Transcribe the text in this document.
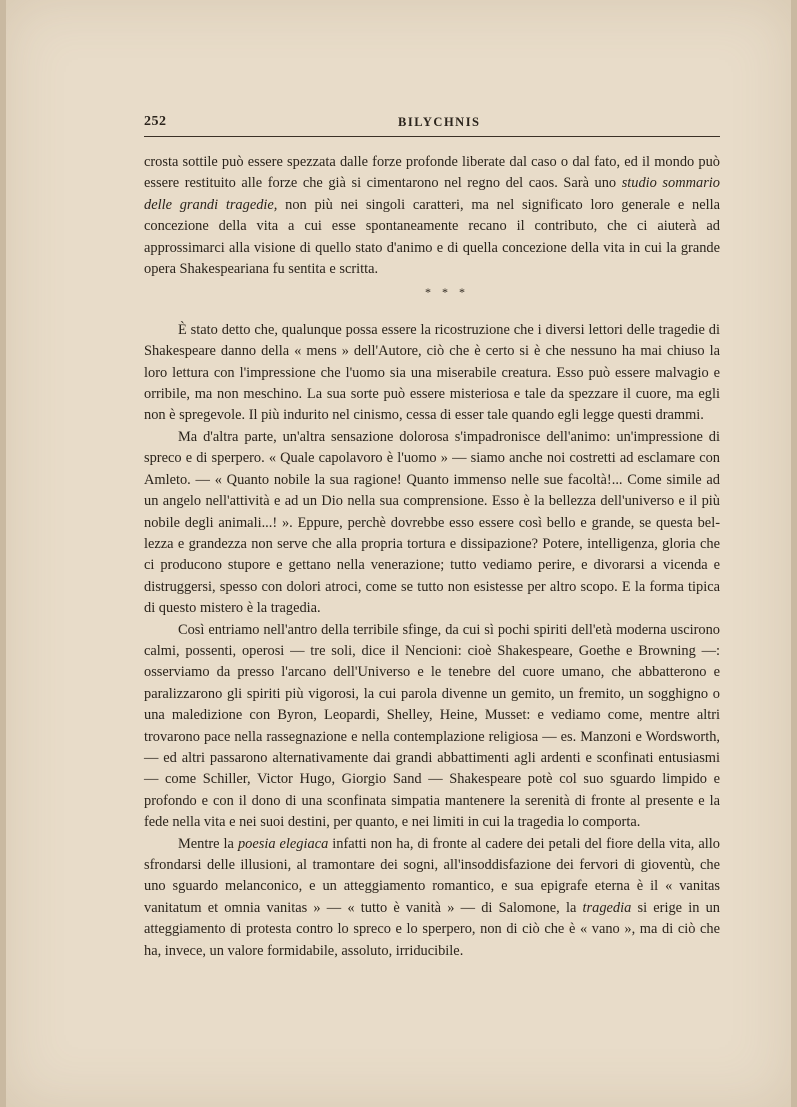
252	BILYCHNIS

crosta sottile può essere spezzata dalle forze profonde liberate dal caso o dal fato, ed il mondo può essere restituito alle forze che già si cimentarono nel regno del caos. Sarà uno studio sommario delle grandi tragedie, non più nei singoli caratteri, ma nel significato loro generale e nella concezione della vita a cui esse spontaneamente recano il contributo, che ci aiuterà ad approssimarci alla visione di quello stato d'animo e di quella concezione della vita in cui la grande opera Shakespeariana fu sentita e scritta.

* * *

È stato detto che, qualunque possa essere la ricostruzione che i diversi lettori delle tragedie di Shakespeare danno della « mens » dell'Autore, ciò che è certo si è che nessuno ha mai chiuso la loro lettura con l'impressione che l'uomo sia una miserabile creatura. Esso può essere malvagio e orribile, ma non meschino. La sua sorte può essere misteriosa e tale da spezzare il cuore, ma egli non è spregevole. Il più indurito nel cinismo, cessa di esser tale quando egli legge questi drammi.

Ma d'altra parte, un'altra sensazione dolorosa s'impadronisce dell'animo: un'impressione di spreco e di sperpero. « Quale capolavoro è l'uomo » — siamo anche noi costretti ad esclamare con Amleto. — « Quanto nobile la sua ragione! Quanto immenso nelle sue facoltà!... Come simile ad un angelo nell'attività e ad un Dio nella sua comprensione. Esso è la bellezza dell'universo e il più nobile degli animali...! ». Eppure, perchè dovrebbe esso essere così bello e grande, se questa bellezza e grandezza non serve che alla propria tortura e dissipazione? Potere, intelligenza, gloria che ci producono stupore e gettano nella venerazione; tutto vediamo perire, e divorarsi a vicenda e distruggersi, spesso con dolori atroci, come se tutto non esistesse per altro scopo. E la forma tipica di questo mistero è la tragedia.

Così entriamo nell'antro della terribile sfinge, da cui sì pochi spiriti dell'età moderna uscirono calmi, possenti, operosi — tre soli, dice il Nencioni: cioè Shakespeare, Goethe e Browning —: osserviamo da presso l'arcano dell'Universo e le tenebre del cuore umano, che abbatterono e paralizzarono gli spiriti più vigorosi, la cui parola divenne un gemito, un fremito, un sogghigno o una maledizione con Byron, Leopardi, Shelley, Heine, Musset: e vediamo come, mentre altri trovarono pace nella rassegnazione e nella contemplazione religiosa — es. Manzoni e Wordsworth, — ed altri passarono alternativamente dai grandi abbattimenti agli ardenti e sconfinati entusiasmi — come Schiller, Victor Hugo, Giorgio Sand — Shakespeare potè col suo sguardo limpido e profondo e con il dono di una sconfinata simpatia mantenere la serenità di fronte al presente e la fede nella vita e nei suoi destini, per quanto, e nei limiti in cui la tragedia lo comporta.

Mentre la poesia elegiaca infatti non ha, di fronte al cadere dei petali del fiore della vita, allo sfrondarsi delle illusioni, al tramontare dei sogni, all'insoddisfazione dei fervori di gioventù, che uno sguardo melanconico, e un atteggiamento romantico, e sua epigrafe eterna è il « vanitas vanitatum et omnia vanitas » — « tutto è vanità » — di Salomone, la tragedia si erige in un atteggiamento di protesta contro lo spreco e lo sperpero, non di ciò che è « vano », ma di ciò che ha, invece, un valore formidabile, assoluto, irriducibile.
